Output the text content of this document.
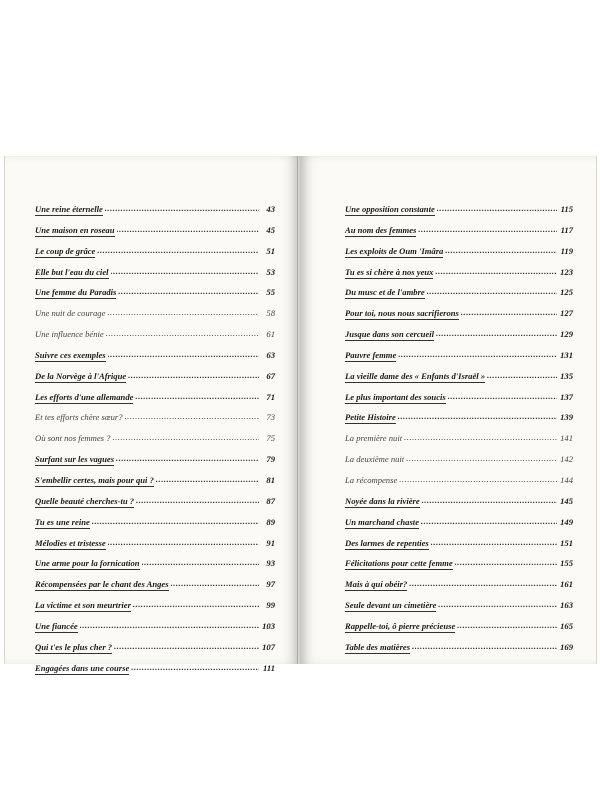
Une reine éternelle .....	43
Une maison en roseau .....	45
Le coup de grâce .....	51
Elle but l'eau du ciel .....	53
Une femme du Paradis .....	55
Une nuit de courage .....	58
Une influence bénie .....	61
Suivre ces exemples .....	63
De la Norvège à l'Afrique .....	67
Les efforts d'une allemande .....	71
Et tes efforts chère sœur? .....	73
Où sont nos femmes ? .....	75
Surfant sur les vagues .....	79
S'embellir certes, mais pour qui ? .....	81
Quelle beauté cherches-tu ? .....	87
Tu es une reine .....	89
Mélodies et tristesse .....	91
Une arme pour la fornication .....	93
Récompensées par le chant des Anges .....	97
La victime et son meurtrier .....	99
Une fiancée .....	103
Qui t'es le plus cher ? .....	107
Engagées dans une course .....	111
Une opposition constante .....	115
Au nom des femmes .....	117
Les exploits de Oum 'Imâra .....	119
Tu es si chère à nos yeux .....	123
Du musc et de l'ambre .....	125
Pour toi, nous nous sacrifierons .....	127
Jusque dans son cercueil .....	129
Pauvre femme .....	131
La vieille dame des « Enfants d'Israël » .....	135
Le plus important des soucis .....	137
Petite Histoire .....	139
La première nuit .....	141
La deuxième nuit .....	142
La récompense .....	144
Noyée dans la rivière .....	145
Un marchand chaste .....	149
Des larmes de repenties .....	151
Félicitations pour cette femme .....	155
Mais à qui obéir? .....	161
Seule devant un cimetière .....	163
Rappelle-toi, ô pierre précieuse .....	165
Table des matières .....	169
